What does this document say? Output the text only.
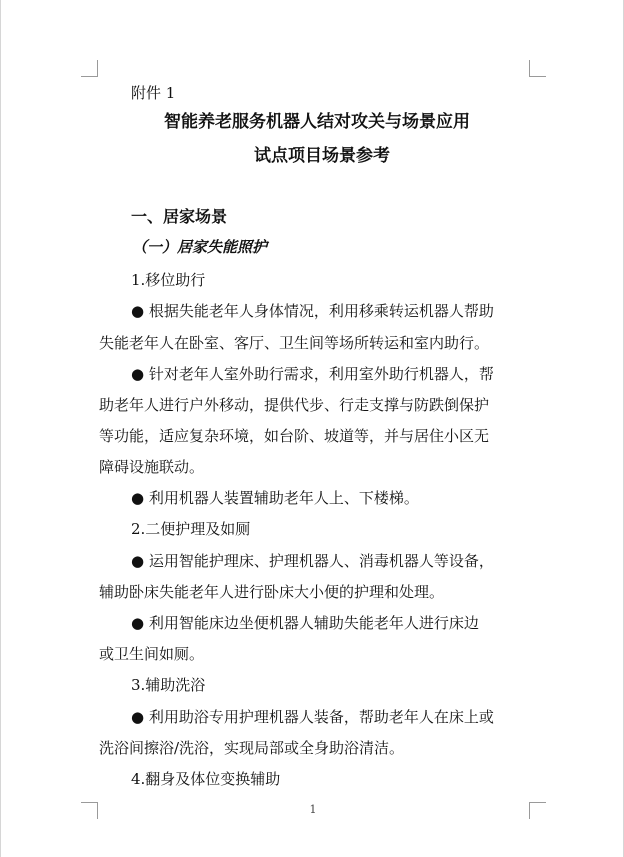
附件 1
智能养老服务机器人结对攻关与场景应用
试点项目场景参考
一、居家场景
（一）居家失能照护
1.移位助行
● 根据失能老年人身体情况，利用移乘转运机器人帮助
失能老年人在卧室、客厅、卫生间等场所转运和室内助行。
● 针对老年人室外助行需求，利用室外助行机器人，帮
助老年人进行户外移动，提供代步、行走支撑与防跌倒保护
等功能，适应复杂环境，如台阶、坡道等，并与居住小区无
障碍设施联动。
● 利用机器人装置辅助老年人上、下楼梯。
2.二便护理及如厕
● 运用智能护理床、护理机器人、消毒机器人等设备，
辅助卧床失能老年人进行卧床大小便的护理和处理。
● 利用智能床边坐便机器人辅助失能老年人进行床边
或卫生间如厕。
3.辅助洗浴
● 利用助浴专用护理机器人装备，帮助老年人在床上或
洗浴间擦浴/洗浴，实现局部或全身助浴清洁。
4.翻身及体位变换辅助
1
